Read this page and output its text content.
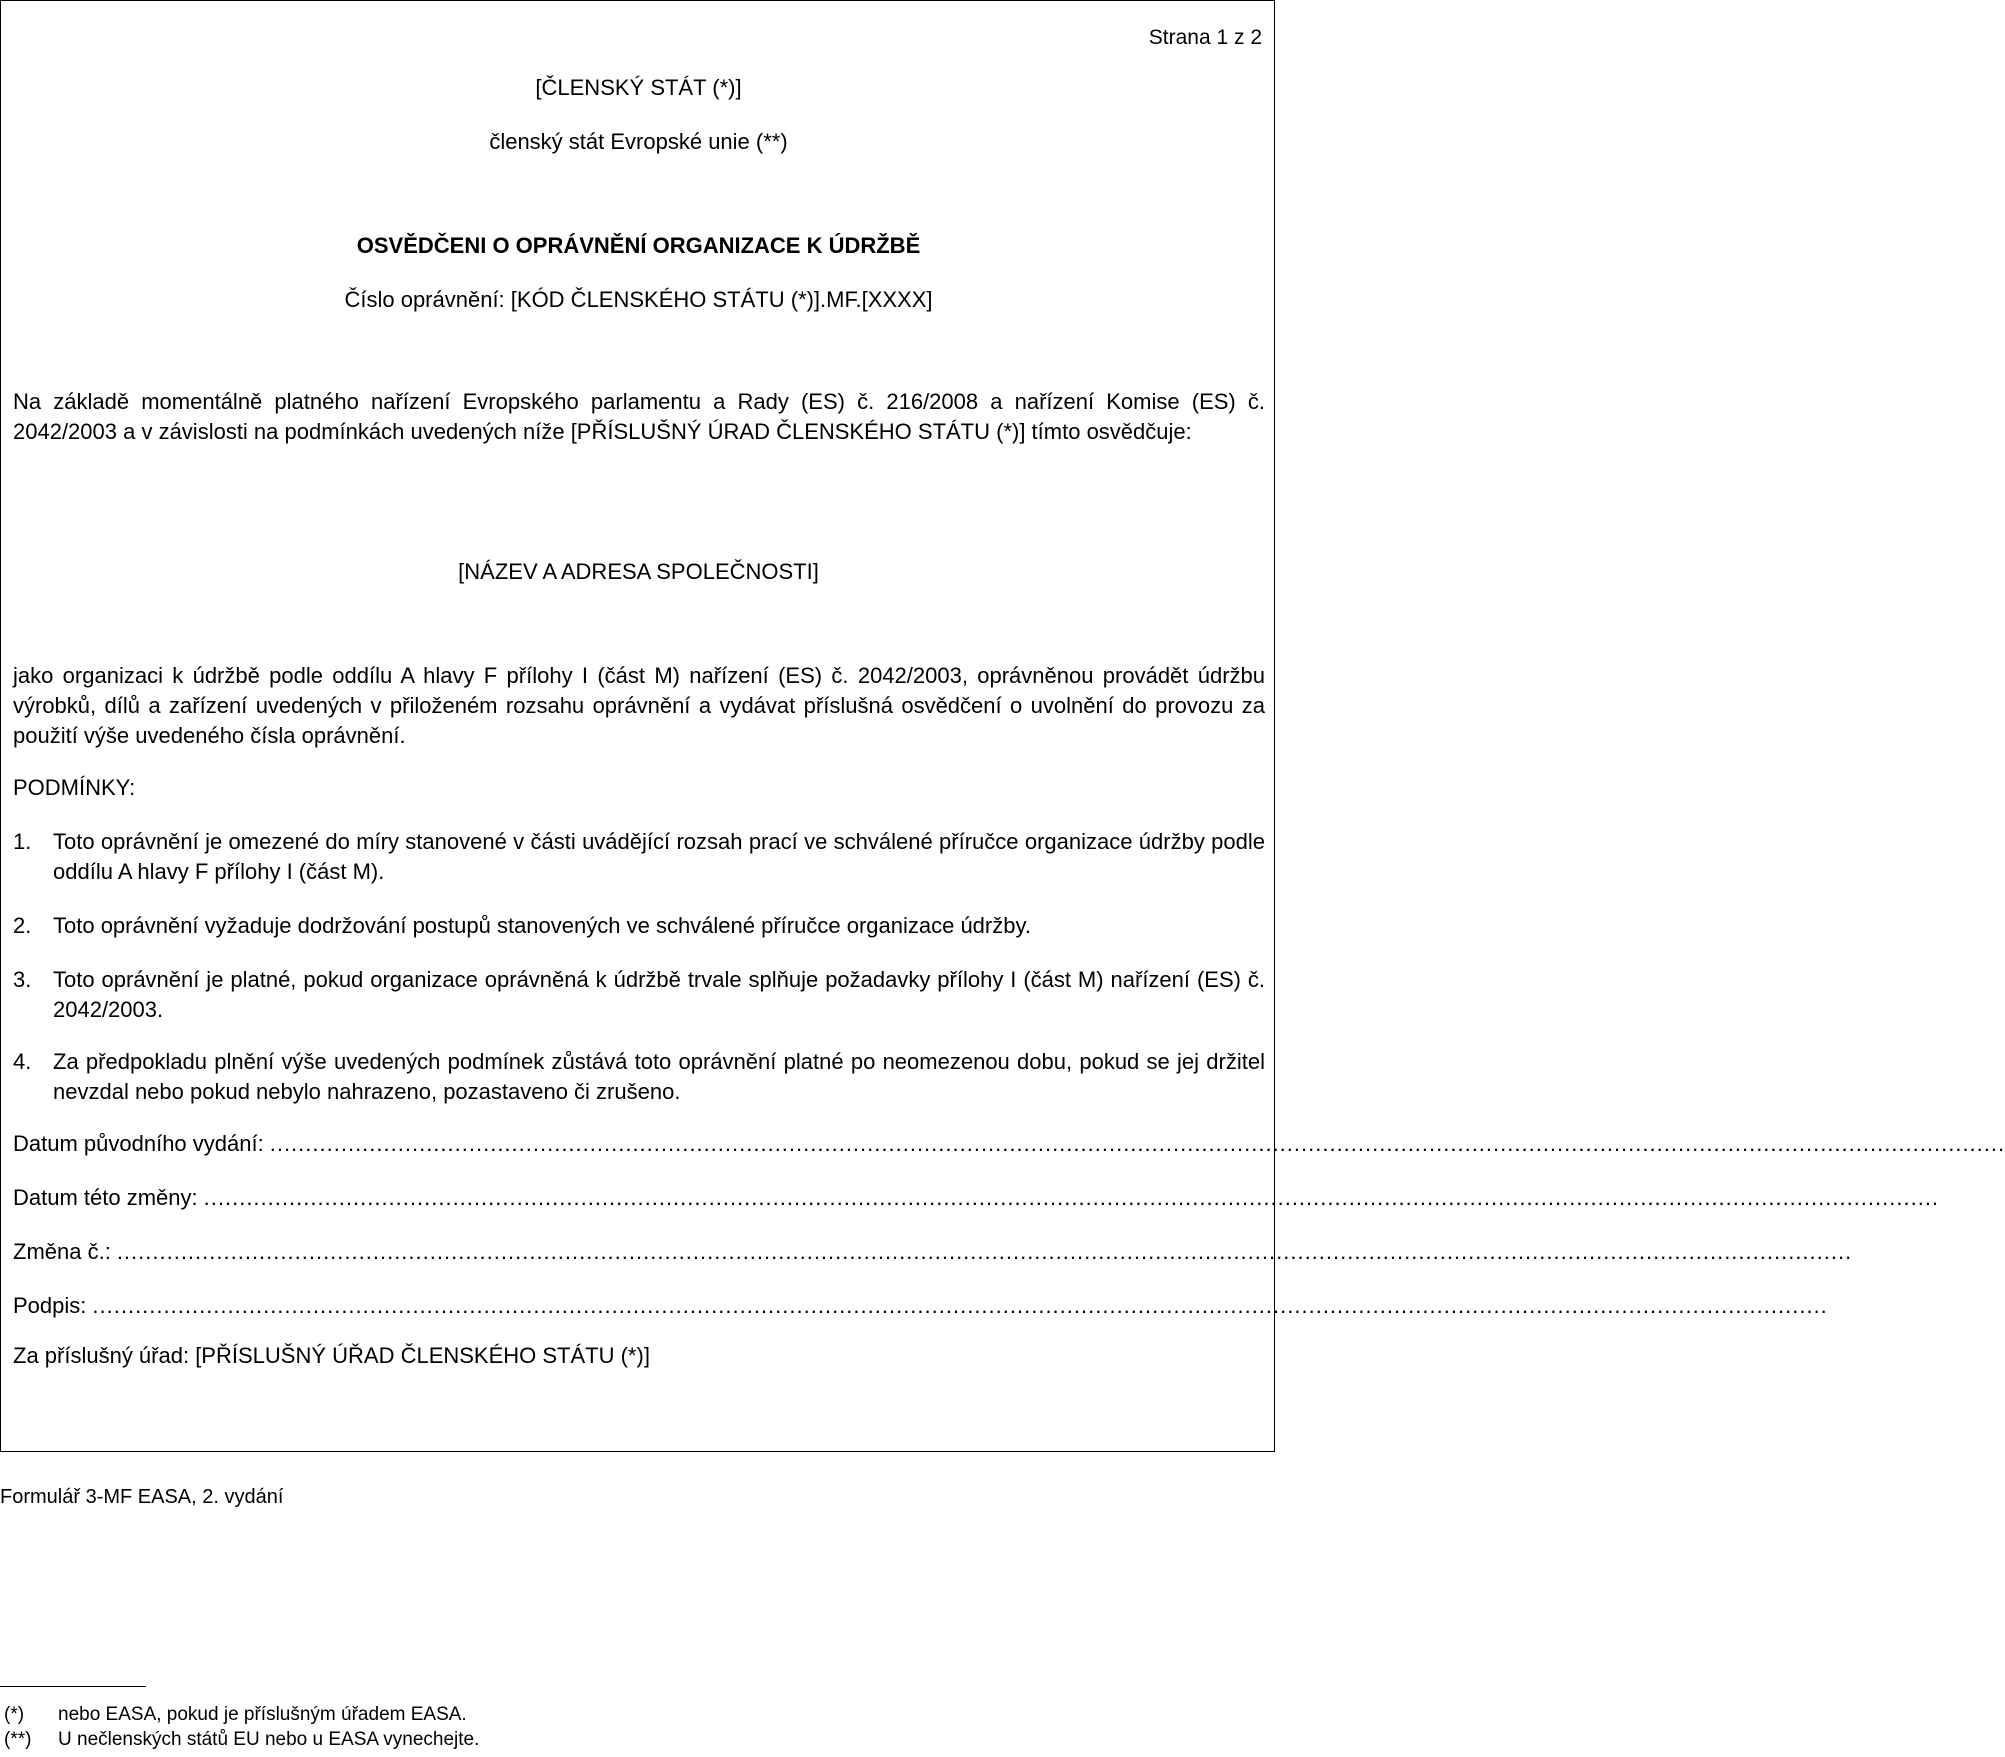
Strana 1 z 2
[ČLENSKÝ STÁT (*)]
členský stát Evropské unie (**)
OSVĚDČENI O OPRÁVNĚNÍ ORGANIZACE K ÚDRŽBĚ
Číslo oprávnění: [KÓD ČLENSKÉHO STÁTU (*)].MF.[XXXX]
Na základě momentálně platného nařízení Evropského parlamentu a Rady (ES) č. 216/2008 a nařízení Komise (ES) č. 2042/2003 a v závislosti na podmínkách uvedených níže [PŘÍSLUŠNÝ ÚRAD ČLENSKÉHO STÁTU (*)] tímto osvědčuje:
[NÁZEV A ADRESA SPOLEČNOSTI]
jako organizaci k údržbě podle oddílu A hlavy F přílohy I (část M) nařízení (ES) č. 2042/2003, oprávněnou provádět údržbu výrobků, dílů a zařízení uvedených v přiloženém rozsahu oprávnění a vydávat příslušná osvědčení o uvolnění do provozu za použití výše uvedeného čísla oprávnění.
PODMÍNKY:
1. Toto oprávnění je omezené do míry stanovené v části uvádějící rozsah prací ve schválené příručce organizace údržby podle oddílu A hlavy F přílohy I (část M).
2. Toto oprávnění vyžaduje dodržování postupů stanovených ve schválené příručce organizace údržby.
3. Toto oprávnění je platné, pokud organizace oprávněná k údržbě trvale splňuje požadavky přílohy I (část M) nařízení (ES) č. 2042/2003.
4. Za předpokladu plnění výše uvedených podmínek zůstává toto oprávnění platné po neomezenou dobu, pokud se jej držitel nevzdal nebo pokud nebylo nahrazeno, pozastaveno či zrušeno.
Datum původního vydání: ....................................................................................................................................................................................................................................................
Datum této změny: ....................................................................................................................................................................................................................................................
Změna č.: ....................................................................................................................................................................................................................................................
Podpis: ....................................................................................................................................................................................................................................................
Za příslušný úřad: [PŘÍSLUŠNÝ ÚŘAD ČLENSKÉHO STÁTU (*)]
Formulář 3-MF EASA, 2. vydání
(*)	nebo EASA, pokud je příslušným úřadem EASA.
(**)	U nečlenských států EU nebo u EASA vynechejte.
